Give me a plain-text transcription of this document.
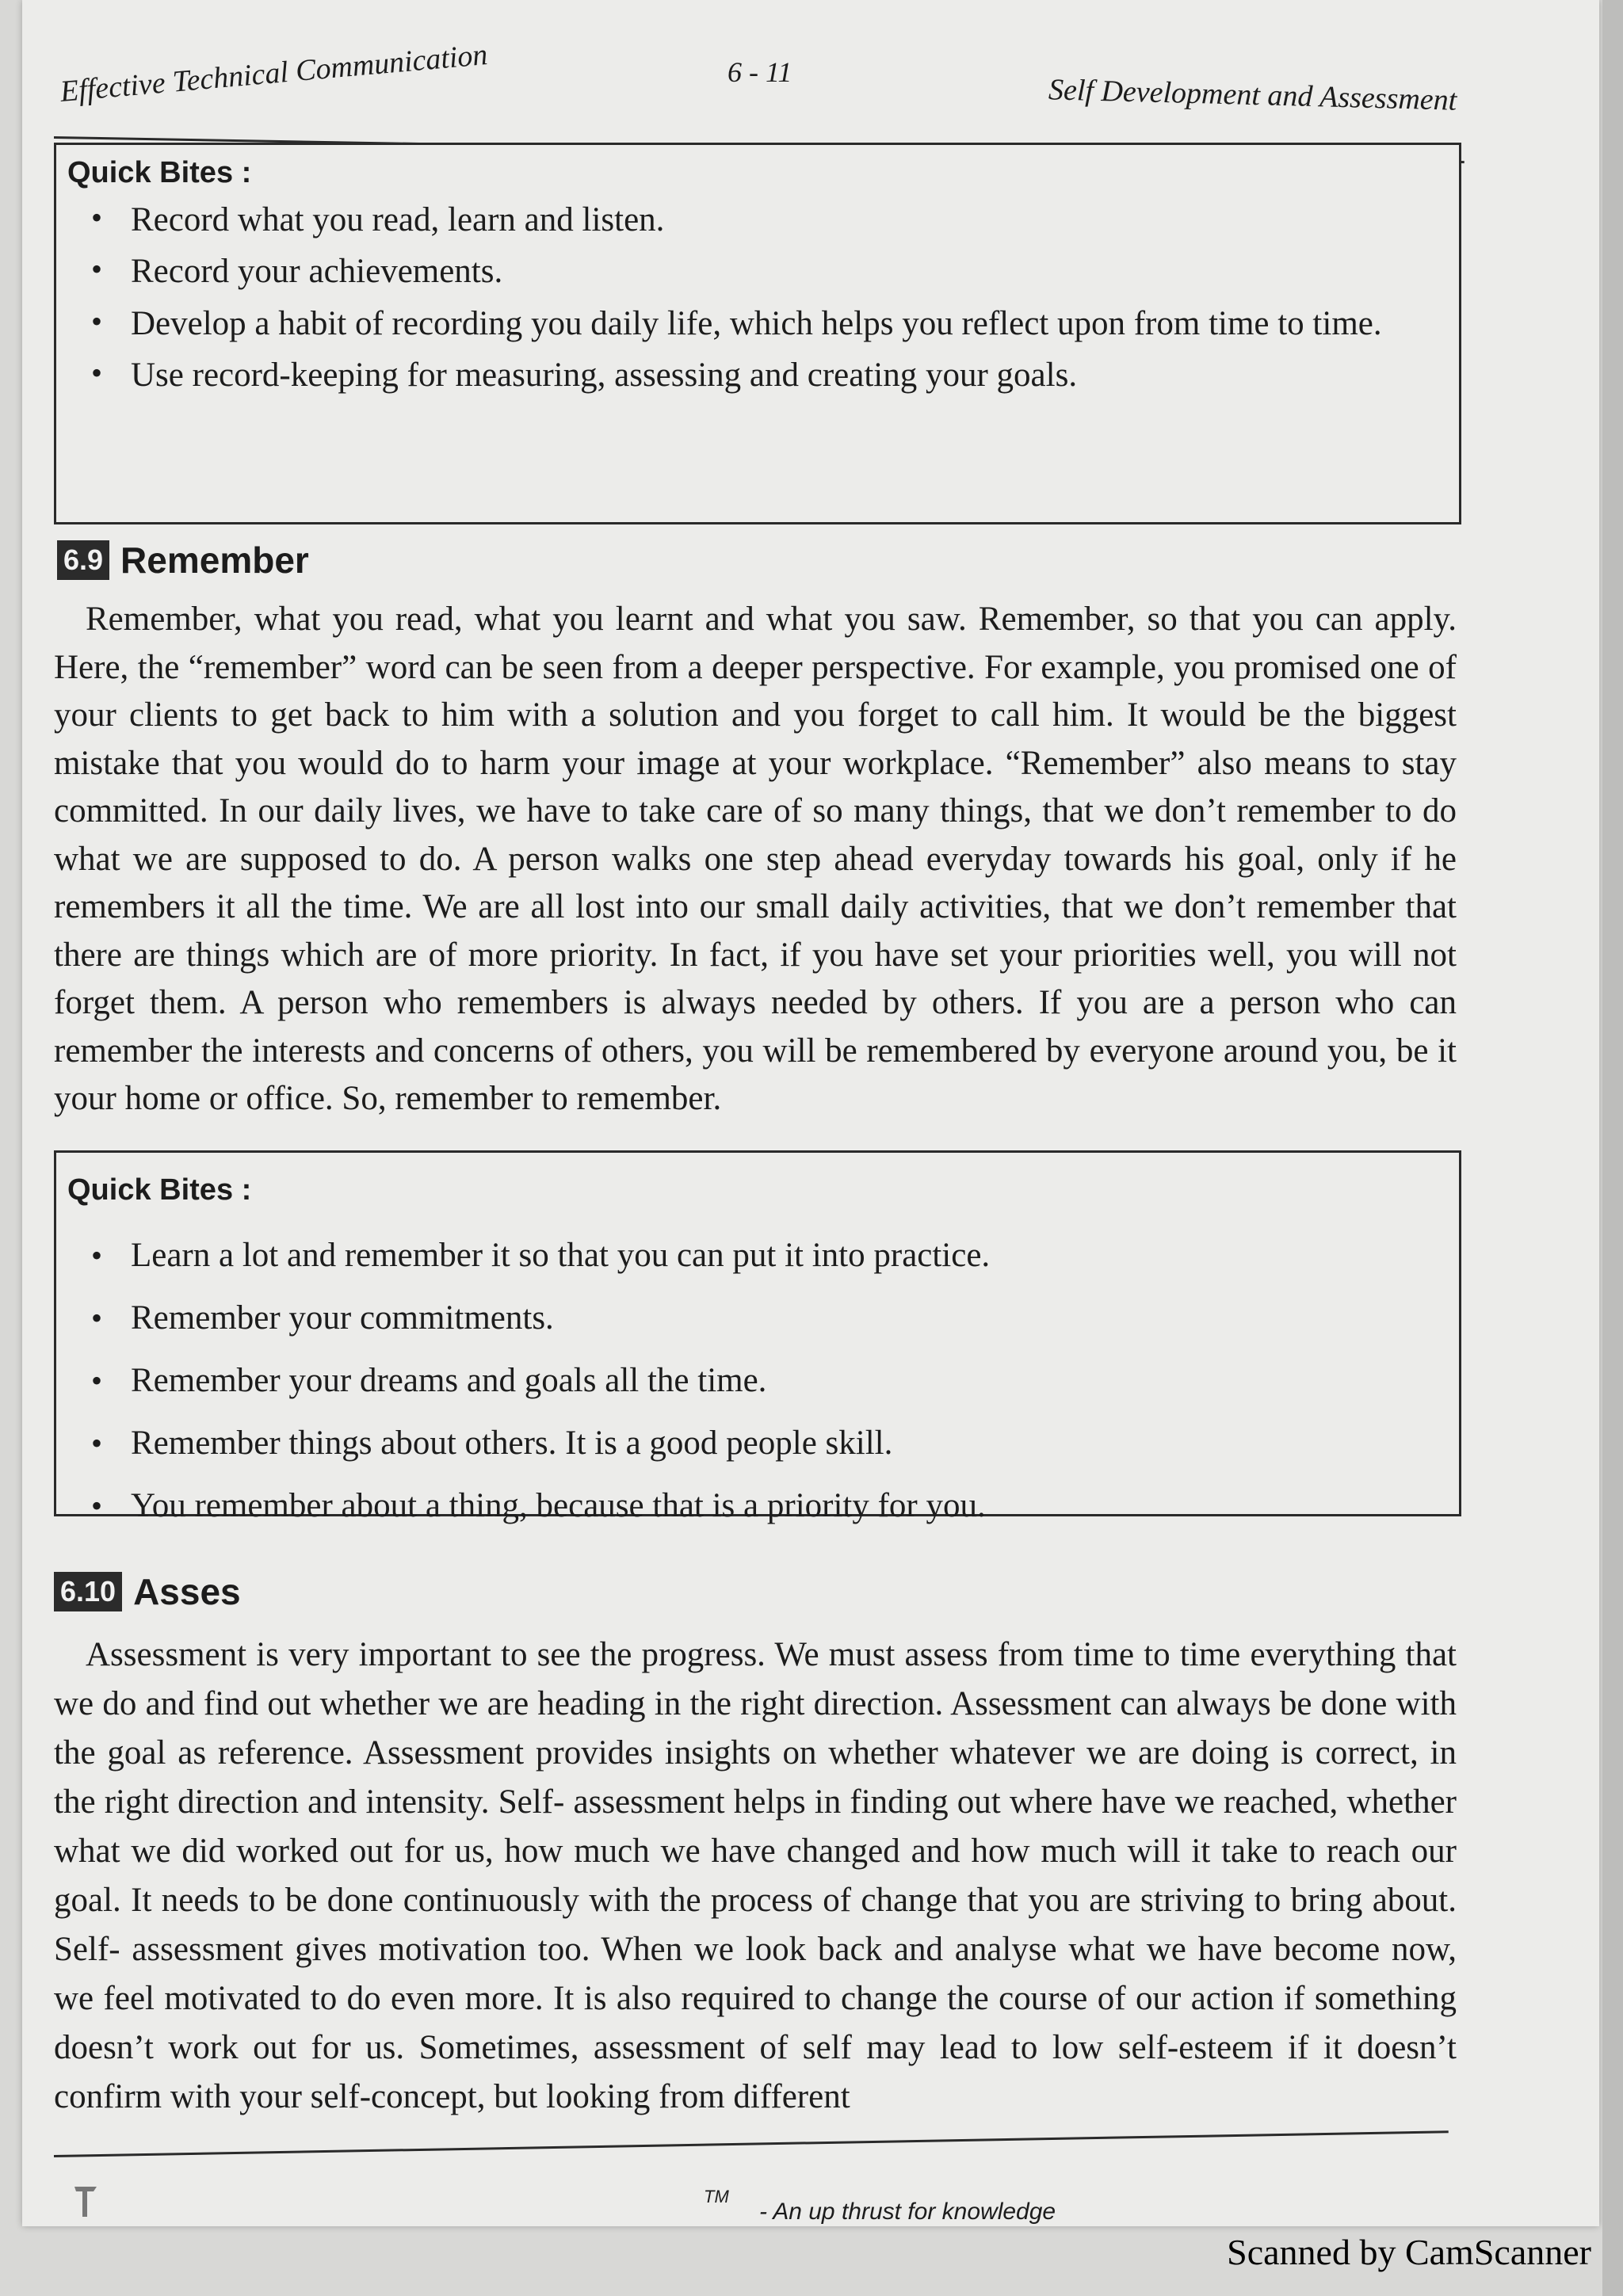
Effective Technical Communication	6 - 11
Self Development and Assessment
Quick Bites :
• Record what you read, learn and listen.
• Record your achievements.
• Develop a habit of recording you daily life, which helps you reflect upon from time to time.
• Use record-keeping for measuring, assessing and creating your goals.
6.9 Remember

Remember, what you read, what you learnt and what you saw. Remember, so that you can apply. Here, the “remember” word can be seen from a deeper perspective. For example, you promised one of your clients to get back to him with a solution and you forget to call him. It would be the biggest mistake that you would do to harm your image at your workplace. “Remember” also means to stay committed. In our daily lives, we have to take care of so many things, that we don’t remember to do what we are supposed to do. A person walks one step ahead everyday towards his goal, only if he remembers it all the time. We are all lost into our small daily activities, that we don’t remember that there are things which are of more priority. In fact, if you have set your priorities well, you will not forget them. A person who remembers is always needed by others. If you are a person who can remember the interests and concerns of others, you will be remembered by everyone around you, be it your home or office. So, remember to remember.

Quick Bites :
• Learn a lot and remember it so that you can put it into practice.
• Remember your commitments.
• Remember your dreams and goals all the time.
• Remember things about others. It is a good people skill.
• You remember about a thing, because that is a priority for you.
6.10 Asses

Assessment is very important to see the progress. We must assess from time to time everything that we do and find out whether we are heading in the right direction. Assessment can always be done with the goal as reference. Assessment provides insights on whether whatever we are doing is correct, in the right direction and intensity. Self- assessment helps in finding out where have we reached, whether what we did worked out for us, how much we have changed and how much will it take to reach our goal. It needs to be done continuously with the process of change that you are striving to bring about. Self- assessment gives motivation too. When we look back and analyse what we have become now, we feel motivated to do even more. It is also required to change the course of our action if something doesn’t work out for us. Sometimes, assessment of self may lead to low self-esteem if it doesn’t confirm with your self-concept, but looking from different

TM
- An up thrust for knowledge
Scanned by CamScanner
